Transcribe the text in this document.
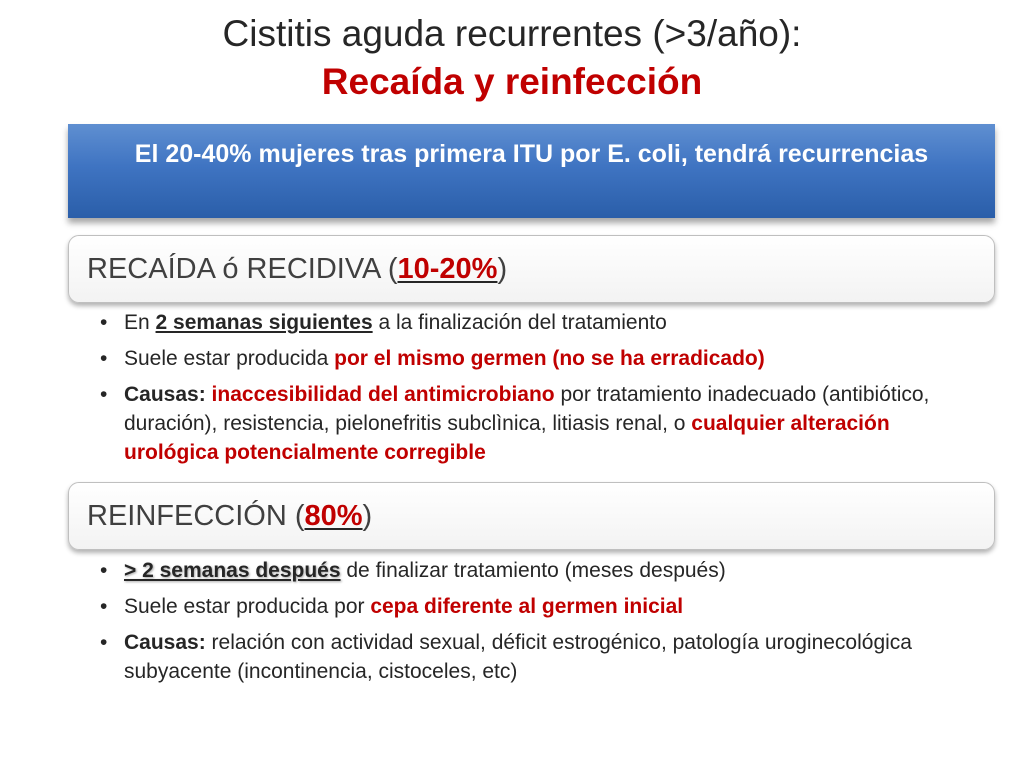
Cistitis aguda recurrentes (>3/año):
Recaída y reinfección
El 20-40% mujeres tras primera ITU por E. coli, tendrá recurrencias
RECAÍDA ó RECIDIVA (10-20%)
• En 2 semanas siguientes a la finalización del tratamiento
• Suele estar producida por el mismo germen (no se ha erradicado)
• Causas: inaccesibilidad del antimicrobiano por tratamiento inadecuado (antibiótico, duración), resistencia, pielonefritis subclìnica, litiasis renal, o cualquier alteración urológica potencialmente corregible
REINFECCIÓN (80%)
• > 2 semanas después de finalizar tratamiento (meses después)
• Suele estar producida por cepa diferente al germen inicial
• Causas: relación con actividad sexual, déficit estrogénico, patología uroginecológica subyacente (incontinencia, cistoceles, etc)
